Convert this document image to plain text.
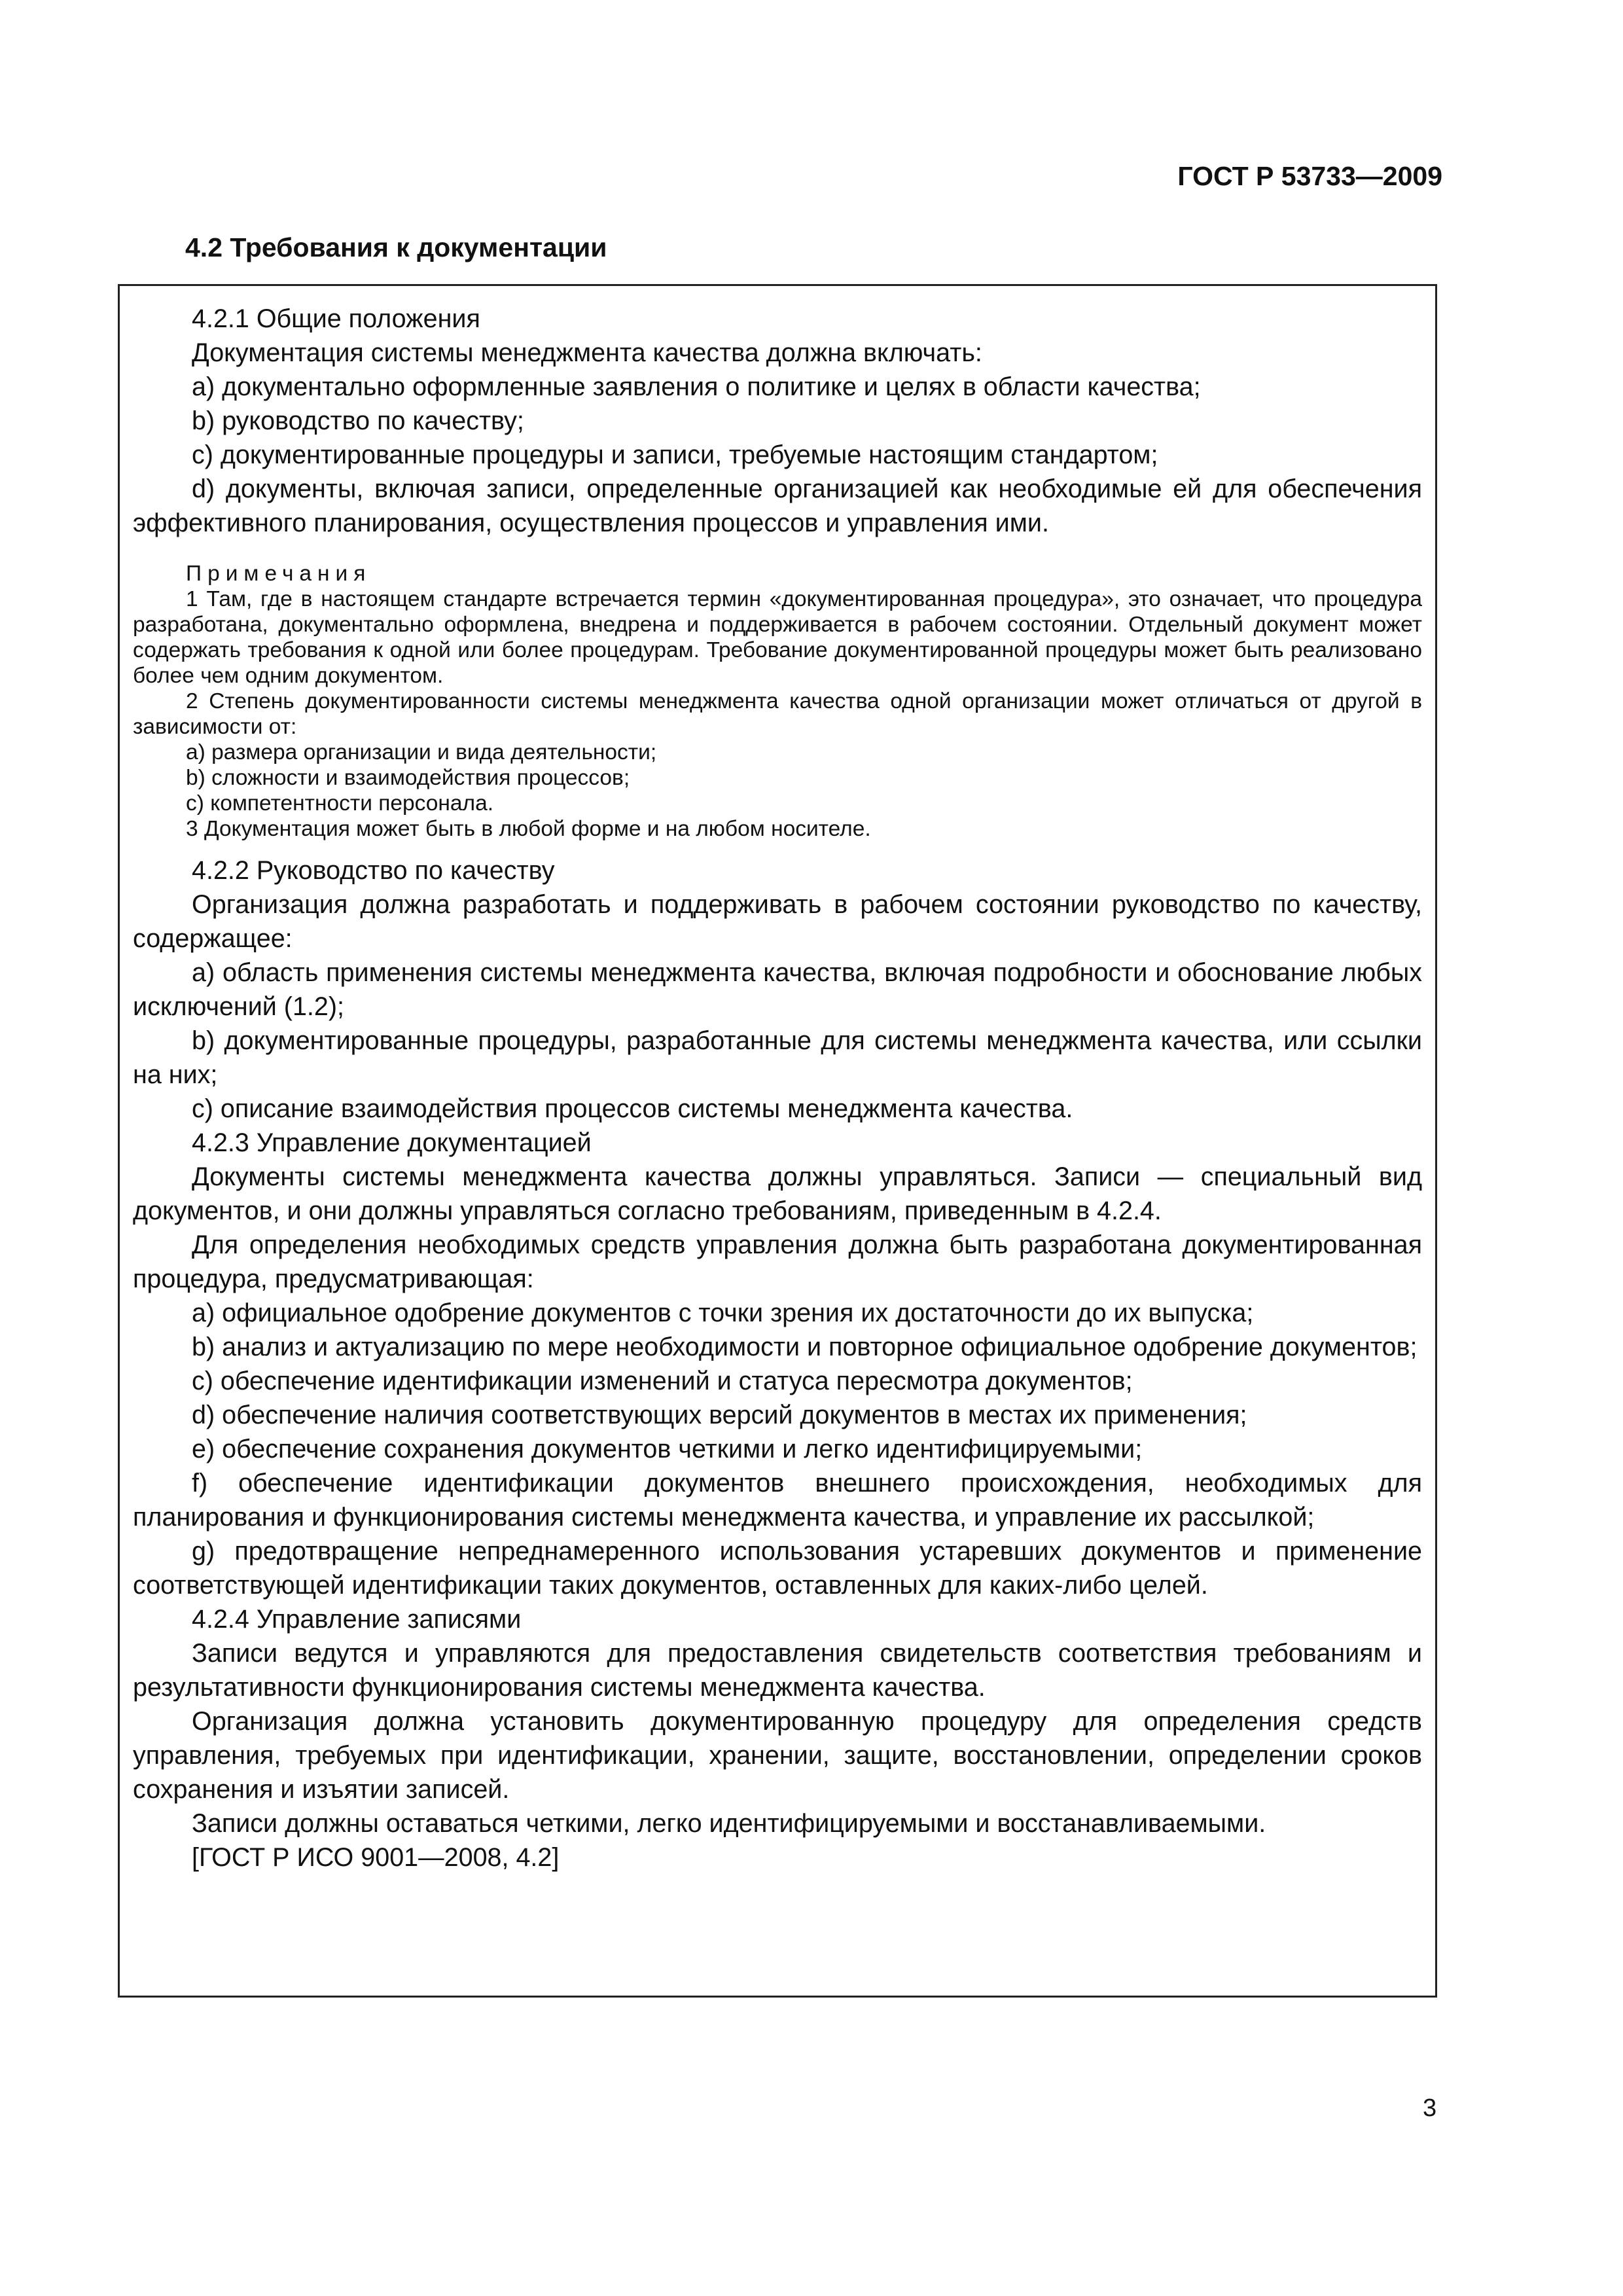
ГОСТ Р 53733—2009
4.2 Требования к документации

4.2.1 Общие положения

Документация системы менеджмента качества должна включать:

а) документально оформленные заявления о политике и целях в области качества;

b) руководство по качеству;

c) документированные процедуры и записи, требуемые настоящим стандартом;

d) документы, включая записи, определенные организацией как необходимые ей для обеспечения эффективного планирования, осуществления процессов и управления ими.

Примечания

1 Там, где в настоящем стандарте встречается термин «документированная процедура», это означает, что процедура разработана, документально оформлена, внедрена и поддерживается в рабочем состоянии. Отдельный документ может содержать требования к одной или более процедурам. Требование документированной процедуры может быть реализовано более чем одним документом.

2 Степень документированности системы менеджмента качества одной организации может отличаться от другой в зависимости от:

а) размера организации и вида деятельности;

b) сложности и взаимодействия процессов;

c) компетентности персонала.

3 Документация может быть в любой форме и на любом носителе.

4.2.2 Руководство по качеству

Организация должна разработать и поддерживать в рабочем состоянии руководство по качеству, содержащее:

а) область применения системы менеджмента качества, включая подробности и обоснование любых исключений (1.2);

b) документированные процедуры, разработанные для системы менеджмента качества, или ссылки на них;

c) описание взаимодействия процессов системы менеджмента качества.

4.2.3 Управление документацией

Документы системы менеджмента качества должны управляться. Записи — специальный вид документов, и они должны управляться согласно требованиям, приведенным в 4.2.4.

Для определения необходимых средств управления должна быть разработана документированная процедура, предусматривающая:

а) официальное одобрение документов с точки зрения их достаточности до их выпуска;

b) анализ и актуализацию по мере необходимости и повторное официальное одобрение документов;

c) обеспечение идентификации изменений и статуса пересмотра документов;

d) обеспечение наличия соответствующих версий документов в местах их применения;

e) обеспечение сохранения документов четкими и легко идентифицируемыми;

f) обеспечение идентификации документов внешнего происхождения, необходимых для планирования и функционирования системы менеджмента качества, и управление их рассылкой;

g) предотвращение непреднамеренного использования устаревших документов и применение соответствующей идентификации таких документов, оставленных для каких-либо целей.

4.2.4 Управление записями

Записи ведутся и управляются для предоставления свидетельств соответствия требованиям и результативности функционирования системы менеджмента качества.

Организация должна установить документированную процедуру для определения средств управления, требуемых при идентификации, хранении, защите, восстановлении, определении сроков сохранения и изъятии записей.

Записи должны оставаться четкими, легко идентифицируемыми и восстанавливаемыми.

[ГОСТ Р ИСО 9001—2008, 4.2]

3
